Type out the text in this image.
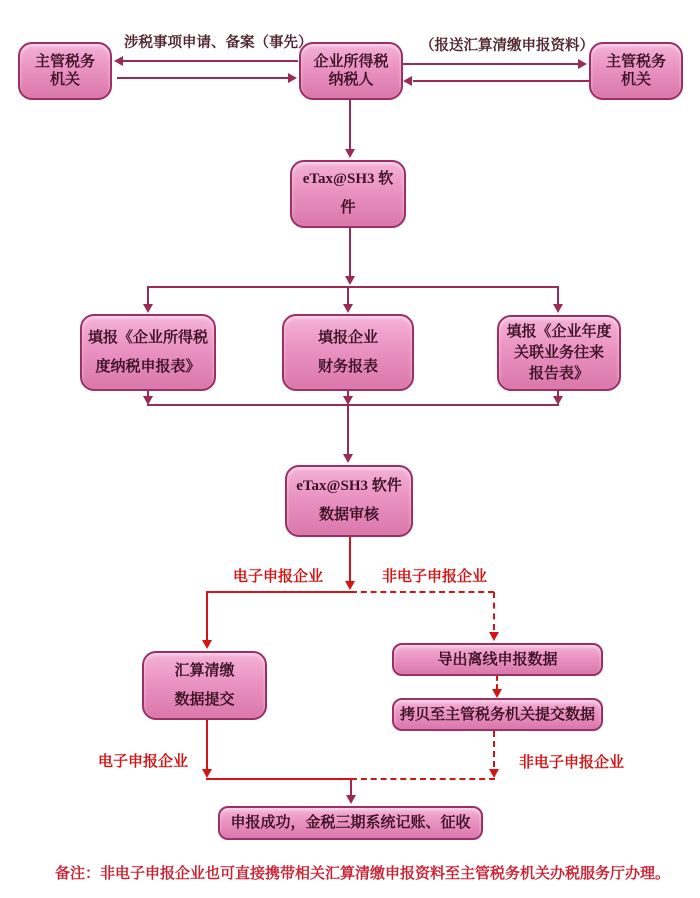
主管税务
机关
企业所得税
纳税人
主管税务
机关
涉税事项申请、备案（事先）	（报送汇算清缴申报资料）
eTax@SH3 软
件
填报《企业所得税
度纳税申报表》
填报企业
财务报表
填报《企业年度
关联业务往来
报告表》
eTax@SH3 软件
数据审核
电子申报企业	非电子申报企业
汇算清缴
数据提交
导出离线申报数据
拷贝至主管税务机关提交数据
电子申报企业	非电子申报企业
申报成功，金税三期系统记账、征收
备注：非电子申报企业也可直接携带相关汇算清缴申报资料至主管税务机关办税服务厅办理。
